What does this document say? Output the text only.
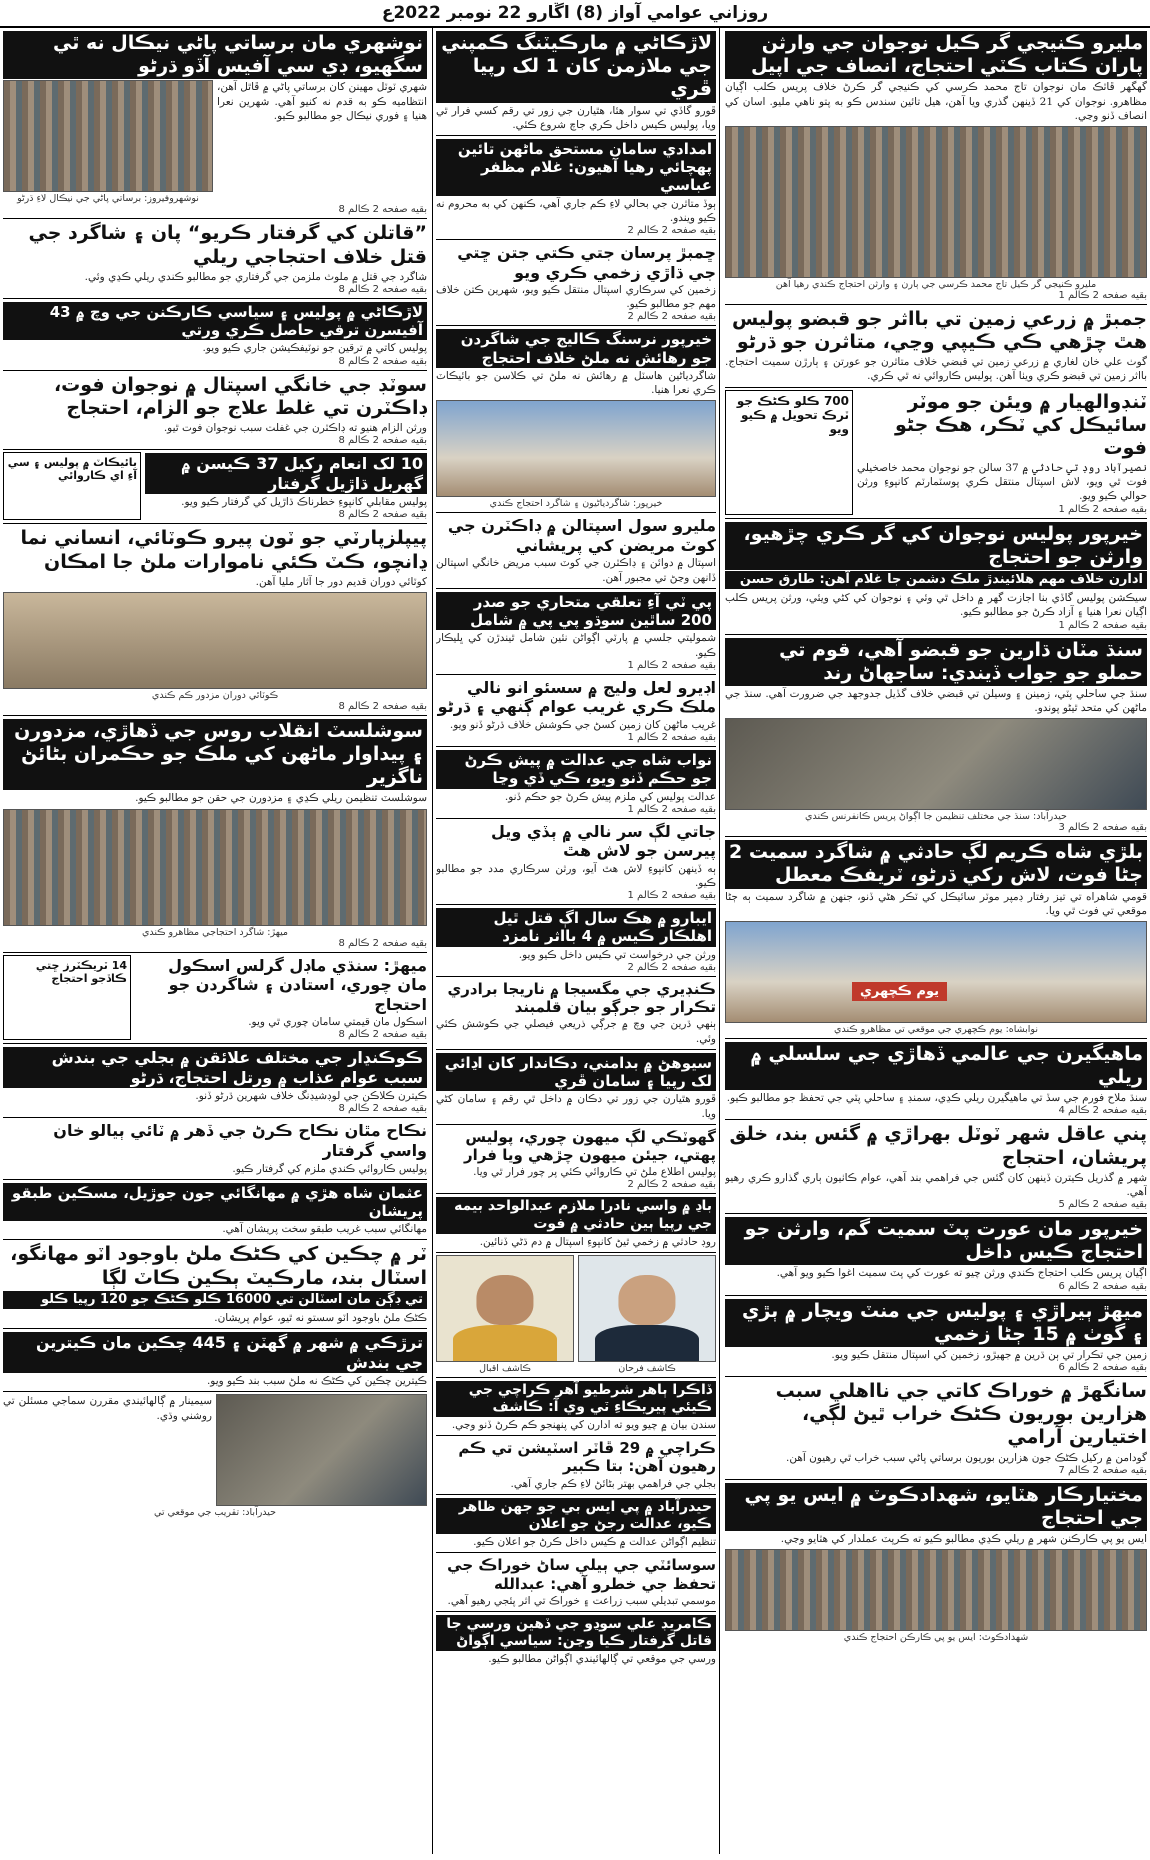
روزاني عوامي آواز (8) اڱارو 22 نومبر 2022ع
مليرو ڪنيجي گر ڪيل نوجوان جي وارثن پاران ڪتاب ڪٽي احتجاج، انصاف جي اپيل
گهگهر ڦاٽڪ مان نوجوان تاج محمد ڪرسي کي ڪنيجي گر ڪرڻ خلاف پريس ڪلب اڳيان مظاهرو. نوجوان کي 21 ڏينهن گذري ويا آهن، هيل تائين سندس ڪو به پتو ناهي مليو. اسان کي انصاف ڏنو وڃي.
مليرو ڪنيجي گر ڪيل تاج محمد ڪرسي جي ٻارن ۽ وارثن احتجاج ڪندي رهيا آهن
بقيه صفحه 2 ڪالم 1
جمبڙ ۾ زرعي زمين تي بااثر جو قبضو پوليس هٿ چڙهي ڪي ڪيپي وڃي، متاثرن جو ڌرڻو
گوٺ علي خان لغاري ۾ زرعي زمين تي قبضي خلاف متاثرن جو عورتن ۽ ٻارڙن سميت احتجاج. بااثر زمين تي قبضو ڪري ويٺا آهن. پوليس ڪاروائي نه ٿي ڪري.
ٽنڊوالهيار ۾ ويئن جو موٽر سائيڪل کي ٽڪر، هڪ جڻو فوت
نصيرآباد روڊ تي حادثي ۾ 37 سالن جو نوجوان محمد خاصخيلي فوت ٿي ويو، لاش اسپتال منتقل ڪري پوسٽمارٽم کانپوءِ ورثن حوالي ڪيو ويو.
بقيه صفحه 2 ڪالم 1
700 ڪلو ڪڻڪ جو ٽرڪ تحويل ۾ ڪيو ويو
خيرپور پوليس نوجوان کي گر ڪري چڙهيو، وارثن جو احتجاج
ادارن خلاف مهم هلائيندڙ ملڪ دشمن جا غلام آهن: طارق حسن
سيڪشن پوليس گاڏي بنا اجازت گهر ۾ داخل ٿي وئي ۽ نوجوان کي کڻي ويئي، ورثن پريس ڪلب اڳيان نعرا هنيا ۽ آزاد ڪرڻ جو مطالبو ڪيو.
بقيه صفحه 2 ڪالم 1
سنڌ مٽان ڌارين جو قبضو آهي، قوم تي حملو جو جواب ڏيندي: ساجهاڻ رند
سنڌ جي ساحلي پٽي، زمينن ۽ وسيلن تي قبضي خلاف گڏيل جدوجهد جي ضرورت آهي. سنڌ جي ماڻهن کي متحد ٿيڻو پوندو.
حيدرآباد: سنڌ جي مختلف تنظيمن جا اڳواڻ پريس ڪانفرنس ڪندي
بقيه صفحه 2 ڪالم 3
بلڙي شاه ڪريم لڳ حادثي ۾ شاگرد سميت 2 ڄڻا فوت، لاش رکي ڌرڻو، ٽريفڪ معطل
قومي شاهراه تي تيز رفتار ڊمپر موٽر سائيڪل کي ٽڪر هڻي ڏنو، جنهن ۾ شاگرد سميت ٻه ڄڻا موقعي تي فوت ٿي ويا.
يوم ڪچهري
نوابشاه: يوم ڪچهري جي موقعي تي مظاهرو ڪندي
ماهيگيرن جي عالمي ڏهاڙي جي سلسلي ۾ ريلي
سنڌ ملاح فورم جي سڏ تي ماهيگيرن ريلي ڪڍي، سمنڊ ۽ ساحلي پٽي جي تحفظ جو مطالبو ڪيو.
بقيه صفحه 2 ڪالم 4
پني عاقل شهر ٽوٽل بهراڙي ۾ گئس بند، خلق پريشان، احتجاج
شهر ۾ گذريل ڪيترن ڏينهن کان گئس جي فراهمي بند آهي، عوام ڪاٺيون ٻاري گذارو ڪري رهيو آهي.
بقيه صفحه 2 ڪالم 5
خيرپور مان عورت پٽ سميت گم، وارثن جو احتجاج ڪيس داخل
اڳيان پريس ڪلب احتجاج ڪندي ورثن چيو ته عورت کي پٽ سميت اغوا ڪيو ويو آهي.
بقيه صفحه 2 ڪالم 6
ميهڙ ٻيراڙي ۽ پوليس جي منٽ ويچار ۾ ٻڙي ۽ گوٺ ۾ 15 ڄڻا زخمي
زمين جي تڪرار تي ٻن ڌرين ۾ جهيڙو، زخمين کي اسپتال منتقل ڪيو ويو.
بقيه صفحه 2 ڪالم 6
سانگهڙ ۾ خوراڪ کاتي جي نااهلي سبب هزارين بوريون ڪڻڪ خراب ٿيڻ لڳي، اختيارين آرامي
گودامن ۾ رکيل ڪڻڪ جون هزارين بوريون برساتي پاڻي سبب خراب ٿي رهيون آهن.
بقيه صفحه 2 ڪالم 7
مختيارڪار هٽايو، شهدادڪوٽ ۾ ايس يو پي جي احتجاج
ايس يو پي ڪارڪنن شهر ۾ ريلي ڪڍي مطالبو ڪيو ته ڪرپٽ عملدار کي هٽايو وڃي.
شهدادڪوٽ: ايس يو پي ڪارڪن احتجاج ڪندي
لاڙڪاڻي ۾ مارڪيٽنگ ڪمپني جي ملازمن کان 1 لک رپيا ڦري
ڦورو گاڏي تي سوار هئا، هٿيارن جي زور تي رقم کسي فرار ٿي ويا، پوليس ڪيس داخل ڪري جاچ شروع ڪئي.
امدادي سامان مستحق ماڻهن تائين پهچائي رهيا آهيون: غلام مظفر عباسي
ٻوڏ متاثرن جي بحالي لاءِ ڪم جاري آهي، ڪنهن کي به محروم نه ڪيو ويندو.
بقيه صفحه 2 ڪالم 2
ڇمبڙ پرسان جتي ڪتي جتن ڇتي جي ڌاڙي زخمي ڪري ويو
زخمين کي سرڪاري اسپتال منتقل ڪيو ويو، شهرين ڪتن خلاف مهم جو مطالبو ڪيو.
بقيه صفحه 2 ڪالم 2
خيرپور نرسنگ ڪاليج جي شاگردن جو رهائش نه ملڻ خلاف احتجاج
شاگردياڻين هاسٽل ۾ رهائش نه ملڻ تي ڪلاسن جو بائيڪاٽ ڪري نعرا هنيا.
خيرپور: شاگردياڻيون ۽ شاگرد احتجاج ڪندي
مليرو سول اسپتالن ۾ ڊاڪٽرن جي کوٽ مريضن کي پريشاني
اسپتال ۾ دوائن ۽ ڊاڪٽرن جي کوٽ سبب مريض خانگي اسپتالن ڏانهن وڃڻ تي مجبور آهن.
پي ٽي آءِ تعلقي متحاري جو صدر 200 ساٿين سوڌو پي پي ۾ شامل
شموليتي جلسي ۾ پارٽي اڳواڻن نئين شامل ٿيندڙن کي ڀليڪار ڪيو.
بقيه صفحه 2 ڪالم 1
اڊيرو لعل وليج ۾ سسئو انو نالي ملڪ ڪري غريب عوام ڳنهي ۽ ڌرڻو
غريب ماڻهن کان زمين کسڻ جي ڪوشش خلاف ڌرڻو ڏنو ويو.
بقيه صفحه 2 ڪالم 1
نواب شاه جي عدالت ۾ پيش ڪرڻ جو حڪم ڏنو ويو، ڪي ڏي وڃا
عدالت پوليس کي ملزم پيش ڪرڻ جو حڪم ڏنو.
بقيه صفحه 2 ڪالم 1
جاتي لڳ سر نالي ۾ ٻڏي ويل پيرسن جو لاش هٿ
ٻه ڏينهن کانپوءِ لاش هٿ آيو، ورثن سرڪاري مدد جو مطالبو ڪيو.
بقيه صفحه 2 ڪالم 1
ايبارو ۾ هڪ سال اڳ قتل ٿيل اهلڪار ڪيس ۾ 4 بااثر نامزد
ورثن جي درخواست تي ڪيس داخل ڪيو ويو.
بقيه صفحه 2 ڪالم 2
ڪنڊيري جي مگسيجا ۾ ناريجا برادري تڪرار جو جرڳو بيان قلمبند
ٻنهي ڌرين جي وچ ۾ جرڳي ذريعي فيصلي جي ڪوشش ڪئي وئي.
سيوهڻ ۾ بدامني، دڪاندار کان اڍائي لک رپيا ۽ سامان ڦري
ڦورو هٿيارن جي زور تي دڪان ۾ داخل ٿي رقم ۽ سامان کڻي ويا.
گهوٽڪي لڳ ميهون چوري، پوليس پهتي، جيئن ميهون چڙهي ويا فرار
پوليس اطلاع ملڻ تي ڪاروائي ڪئي پر چور فرار ٿي ويا.
بقيه صفحه 2 ڪالم 2
باڍ ۾ واسي نادرا ملازم عبدالواحد بيمه جي رپيا ٻين حادثي ۾ فوت
روڊ حادثي ۾ زخمي ٿيڻ کانپوءِ اسپتال ۾ دم ڌڻي ڏنائين.
ڪاشف فرحان
ڪاشف اقبال
ڏاڪرا ٻاهر شرطيو آهر ڪراچي جي ڪيئي پيريڪاءِ ٽي وي آ: ڪاشف
سندن بيان ۾ چيو ويو ته ادارن کي پنهنجو ڪم ڪرڻ ڏنو وڃي.
ڪراچي ۾ 29 ڦاٽر اسٽيشن تي ڪم رهيون آهن: بتا ڪبير
بجلي جي فراهمي بهتر بڻائڻ لاءِ ڪم جاري آهي.
حيدرآباد ۾ پي ايس بي جو جهن ظاهر ڪيو، عدالت رجڻ جو اعلان
تنظيم اڳواڻن عدالت ۾ ڪيس داخل ڪرڻ جو اعلان ڪيو.
سوسائٽي جي ٻيلي ساڻ خوراڪ جي تحفظ جي خطرو آهي: عبدالله
موسمي تبديلي سبب زراعت ۽ خوراڪ تي اثر پئجي رهيو آهي.
ڪامريڊ علي سوڍو جي ڏهين ورسي جا قاتل گرفتار ڪيا وڃن: سياسي اڳواڻ
ورسي جي موقعي تي ڳالهائيندي اڳواڻن مطالبو ڪيو.
نوشهري مان برساتي پاڻي نيڪال نه ٿي سگهيو، ڊي سي آفيس آڏو ڌرڻو
شهري ٽوٽل مهينن کان برساتي پاڻي ۾ ڦاٿل آهن، انتظاميه ڪو به قدم نه کنيو آهي. شهرين نعرا هنيا ۽ فوري نيڪال جو مطالبو ڪيو.
نوشهروفيروز: برساتي پاڻي جي نيڪال لاءِ ڌرڻو
بقيه صفحه 2 ڪالم 8
”قاتلن کي گرفتار ڪريو“ پان ۽ شاگرد جي قتل خلاف احتجاجي ريلي
شاگرد جي قتل ۾ ملوث ملزمن جي گرفتاري جو مطالبو ڪندي ريلي ڪڍي وئي.
بقيه صفحه 2 ڪالم 8
لاڙڪاڻي ۾ پوليس ۽ سياسي ڪارڪنن جي وچ ۾ 43 آفيسرن ترقي حاصل ڪري ورتي
پوليس کاتي ۾ ترقين جو نوٽيفڪيشن جاري ڪيو ويو.
بقيه صفحه 2 ڪالم 8
سوٽڊ جي خانگي اسپتال ۾ نوجوان فوت، ڊاڪٽرن تي غلط علاج جو الزام، احتجاج
ورثن الزام هنيو ته ڊاڪٽرن جي غفلت سبب نوجوان فوت ٿيو.
بقيه صفحه 2 ڪالم 8
10 لک انعام رکيل 37 ڪيسن ۾ گهربل ڌاڙيل گرفتار
پوليس مقابلي کانپوءِ خطرناڪ ڌاڙيل کي گرفتار ڪيو ويو.
بقيه صفحه 2 ڪالم 8
بائيڪاٽ ۾ پوليس ۽ سي آءِ اي ڪاروائي
پيپلزپارٽي جو ٽون پيرو ڪوٽائي، انساني نما ڍانچو، ڪٽ ڪئي ناموارات ملڻ جا امڪان
کوٽائي دوران قديم دور جا آثار مليا آهن.
ڪوٽائي دوران مزدور ڪم ڪندي
بقيه صفحه 2 ڪالم 8
سوشلسٽ انقلاب روس جي ڏهاڙي، مزدورن ۽ پيداوار ماڻهن کي ملڪ جو حڪمران بڻائڻ ناگزير
سوشلسٽ تنظيمن ريلي ڪڍي ۽ مزدورن جي حقن جو مطالبو ڪيو.
ميهڙ: شاگرد احتجاجي مظاهرو ڪندي
بقيه صفحه 2 ڪالم 8
ميهڙ: سنڌي ماڊل گرلس اسڪول مان چوري، استادن ۽ شاگردن جو احتجاج
اسڪول مان قيمتي سامان چوري ٿي ويو.
بقيه صفحه 2 ڪالم 8
14 ٽريڪٽرز ڇتي ڪاڏجو احتجاج
ڪوڪنڍار جي مختلف علائقن ۾ بجلي جي بندش سبب عوام عذاب ۾ ورتل احتجاج، ڌرڻو
ڪيترن ڪلاڪن جي لوڊشيڊنگ خلاف شهرين ڌرڻو ڏنو.
بقيه صفحه 2 ڪالم 8
نڪاح مٿان نڪاح ڪرڻ جي ڏهر ۾ ٽائي ٻيالو خان واسي گرفتار
پوليس ڪاروائي ڪندي ملزم کي گرفتار ڪيو.
عثمان شاه هڙي ۾ مهانگائي جون جوڙيل، مسڪين طبقو پريشان
مهانگائي سبب غريب طبقو سخت پريشان آهي.
ٽر ۾ چڪين کي ڪڻڪ ملڻ باوجود اٽو مهانگو، اسٽال بند، مارڪيٽ ٻڪين ڪاٽ لڳا
تي ڊڳن مان اسٽالن تي 16000 ڪلو ڪڻڪ جو 120 رپيا ڪلو
ڪڻڪ ملڻ باوجود اٽو سستو نه ٿيو، عوام پريشان.
ترڙڪي ۾ شهر ۾ گهٽن ۽ 445 چڪين مان ڪيترين جي بندش
ڪيترين چڪين کي ڪڻڪ نه ملڻ سبب بند ڪيو ويو.
سيمينار ۾ ڳالهائيندي مقررن سماجي مسئلن تي روشني وڌي.
حيدرآباد: تقريب جي موقعي تي
